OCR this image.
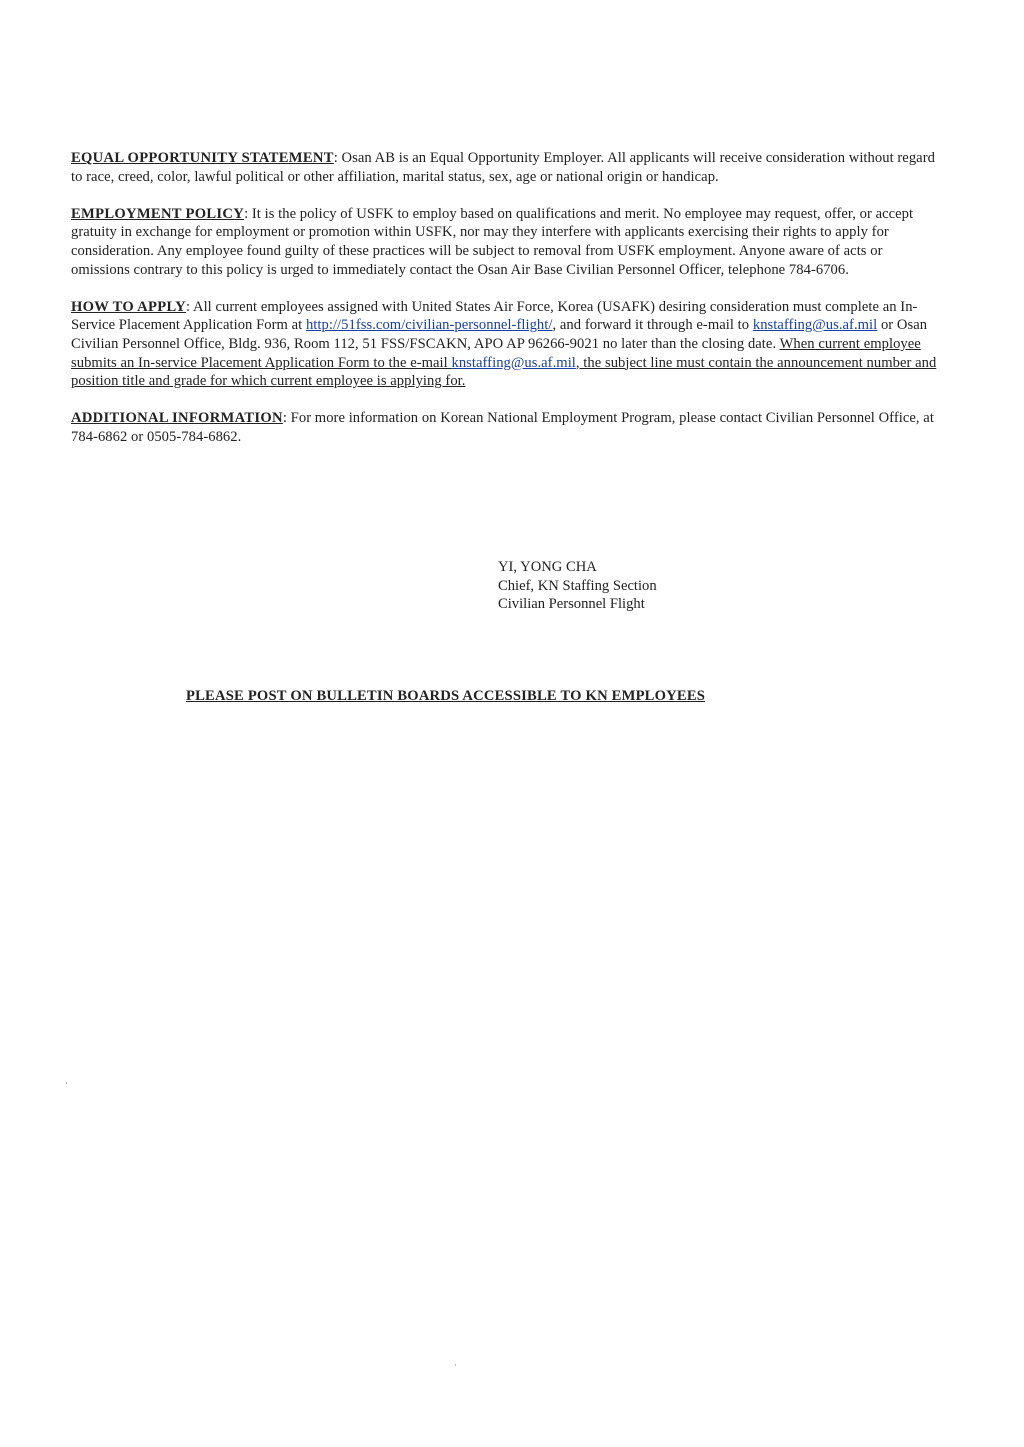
EQUAL OPPORTUNITY STATEMENT: Osan AB is an Equal Opportunity Employer. All applicants will receive consideration without regard to race, creed, color, lawful political or other affiliation, marital status, sex, age or national origin or handicap.

EMPLOYMENT POLICY: It is the policy of USFK to employ based on qualifications and merit. No employee may request, offer, or accept gratuity in exchange for employment or promotion within USFK, nor may they interfere with applicants exercising their rights to apply for consideration. Any employee found guilty of these practices will be subject to removal from USFK employment. Anyone aware of acts or omissions contrary to this policy is urged to immediately contact the Osan Air Base Civilian Personnel Officer, telephone 784-6706.

HOW TO APPLY: All current employees assigned with United States Air Force, Korea (USAFK) desiring consideration must complete an In-Service Placement Application Form at http://51fss.com/civilian-personnel-flight/, and forward it through e-mail to knstaffing@us.af.mil or Osan Civilian Personnel Office, Bldg. 936, Room 112, 51 FSS/FSCAKN, APO AP 96266-9021 no later than the closing date. When current employee submits an In-service Placement Application Form to the e-mail knstaffing@us.af.mil, the subject line must contain the announcement number and position title and grade for which current employee is applying for.

ADDITIONAL INFORMATION: For more information on Korean National Employment Program, please contact Civilian Personnel Office, at 784-6862 or 0505-784-6862.

YI, YONG CHA
Chief, KN Staffing Section
Civilian Personnel Flight
PLEASE POST ON BULLETIN BOARDS ACCESSIBLE TO KN EMPLOYEES
